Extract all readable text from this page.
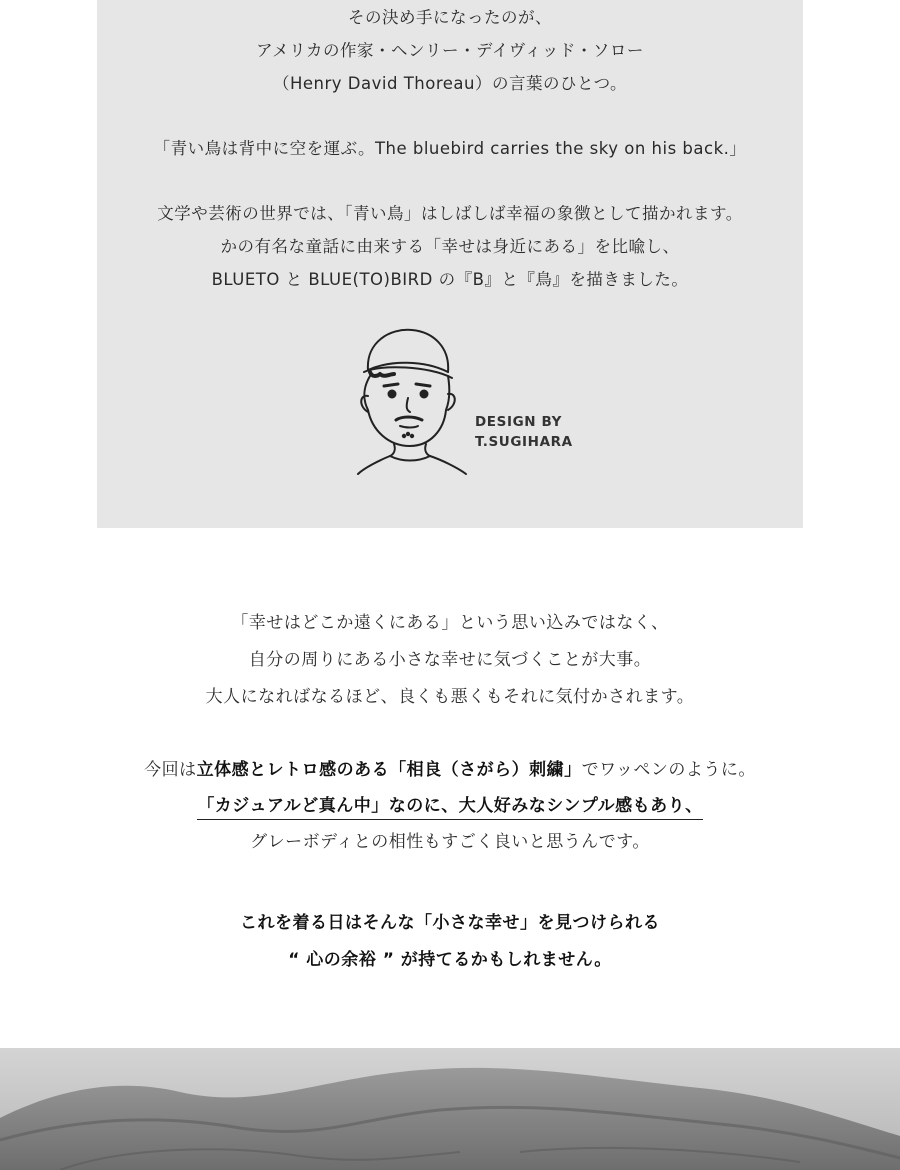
その決め手になったのが、
アメリカの作家・ヘンリー・デイヴィッド・ソロー
（Henry David Thoreau）の言葉のひとつ。
「青い鳥は背中に空を運ぶ。The bluebird carries the sky on his back.」
文学や芸術の世界では、「青い鳥」はしばしば幸福の象徴として描かれます。
かの有名な童話に由来する「幸せは身近にある」を比喩し、
BLUETO と BLUE(TO)BIRD の『B』と『鳥』を描きました。
DESIGN BY
T.SUGIHARA
「幸せはどこか遠くにある」という思い込みではなく、
自分の周りにある小さな幸せに気づくことが大事。
大人になればなるほど、良くも悪くもそれに気付かされます。
今回は立体感とレトロ感のある「相良（さがら）刺繍」でワッペンのように。
「カジュアルど真ん中」なのに、大人好みなシンプル感もあり、
グレーボディとの相性もすごく良いと思うんです。
これを着る日はそんな「小さな幸せ」を見つけられる
“ 心の余裕 ” が持てるかもしれません。
